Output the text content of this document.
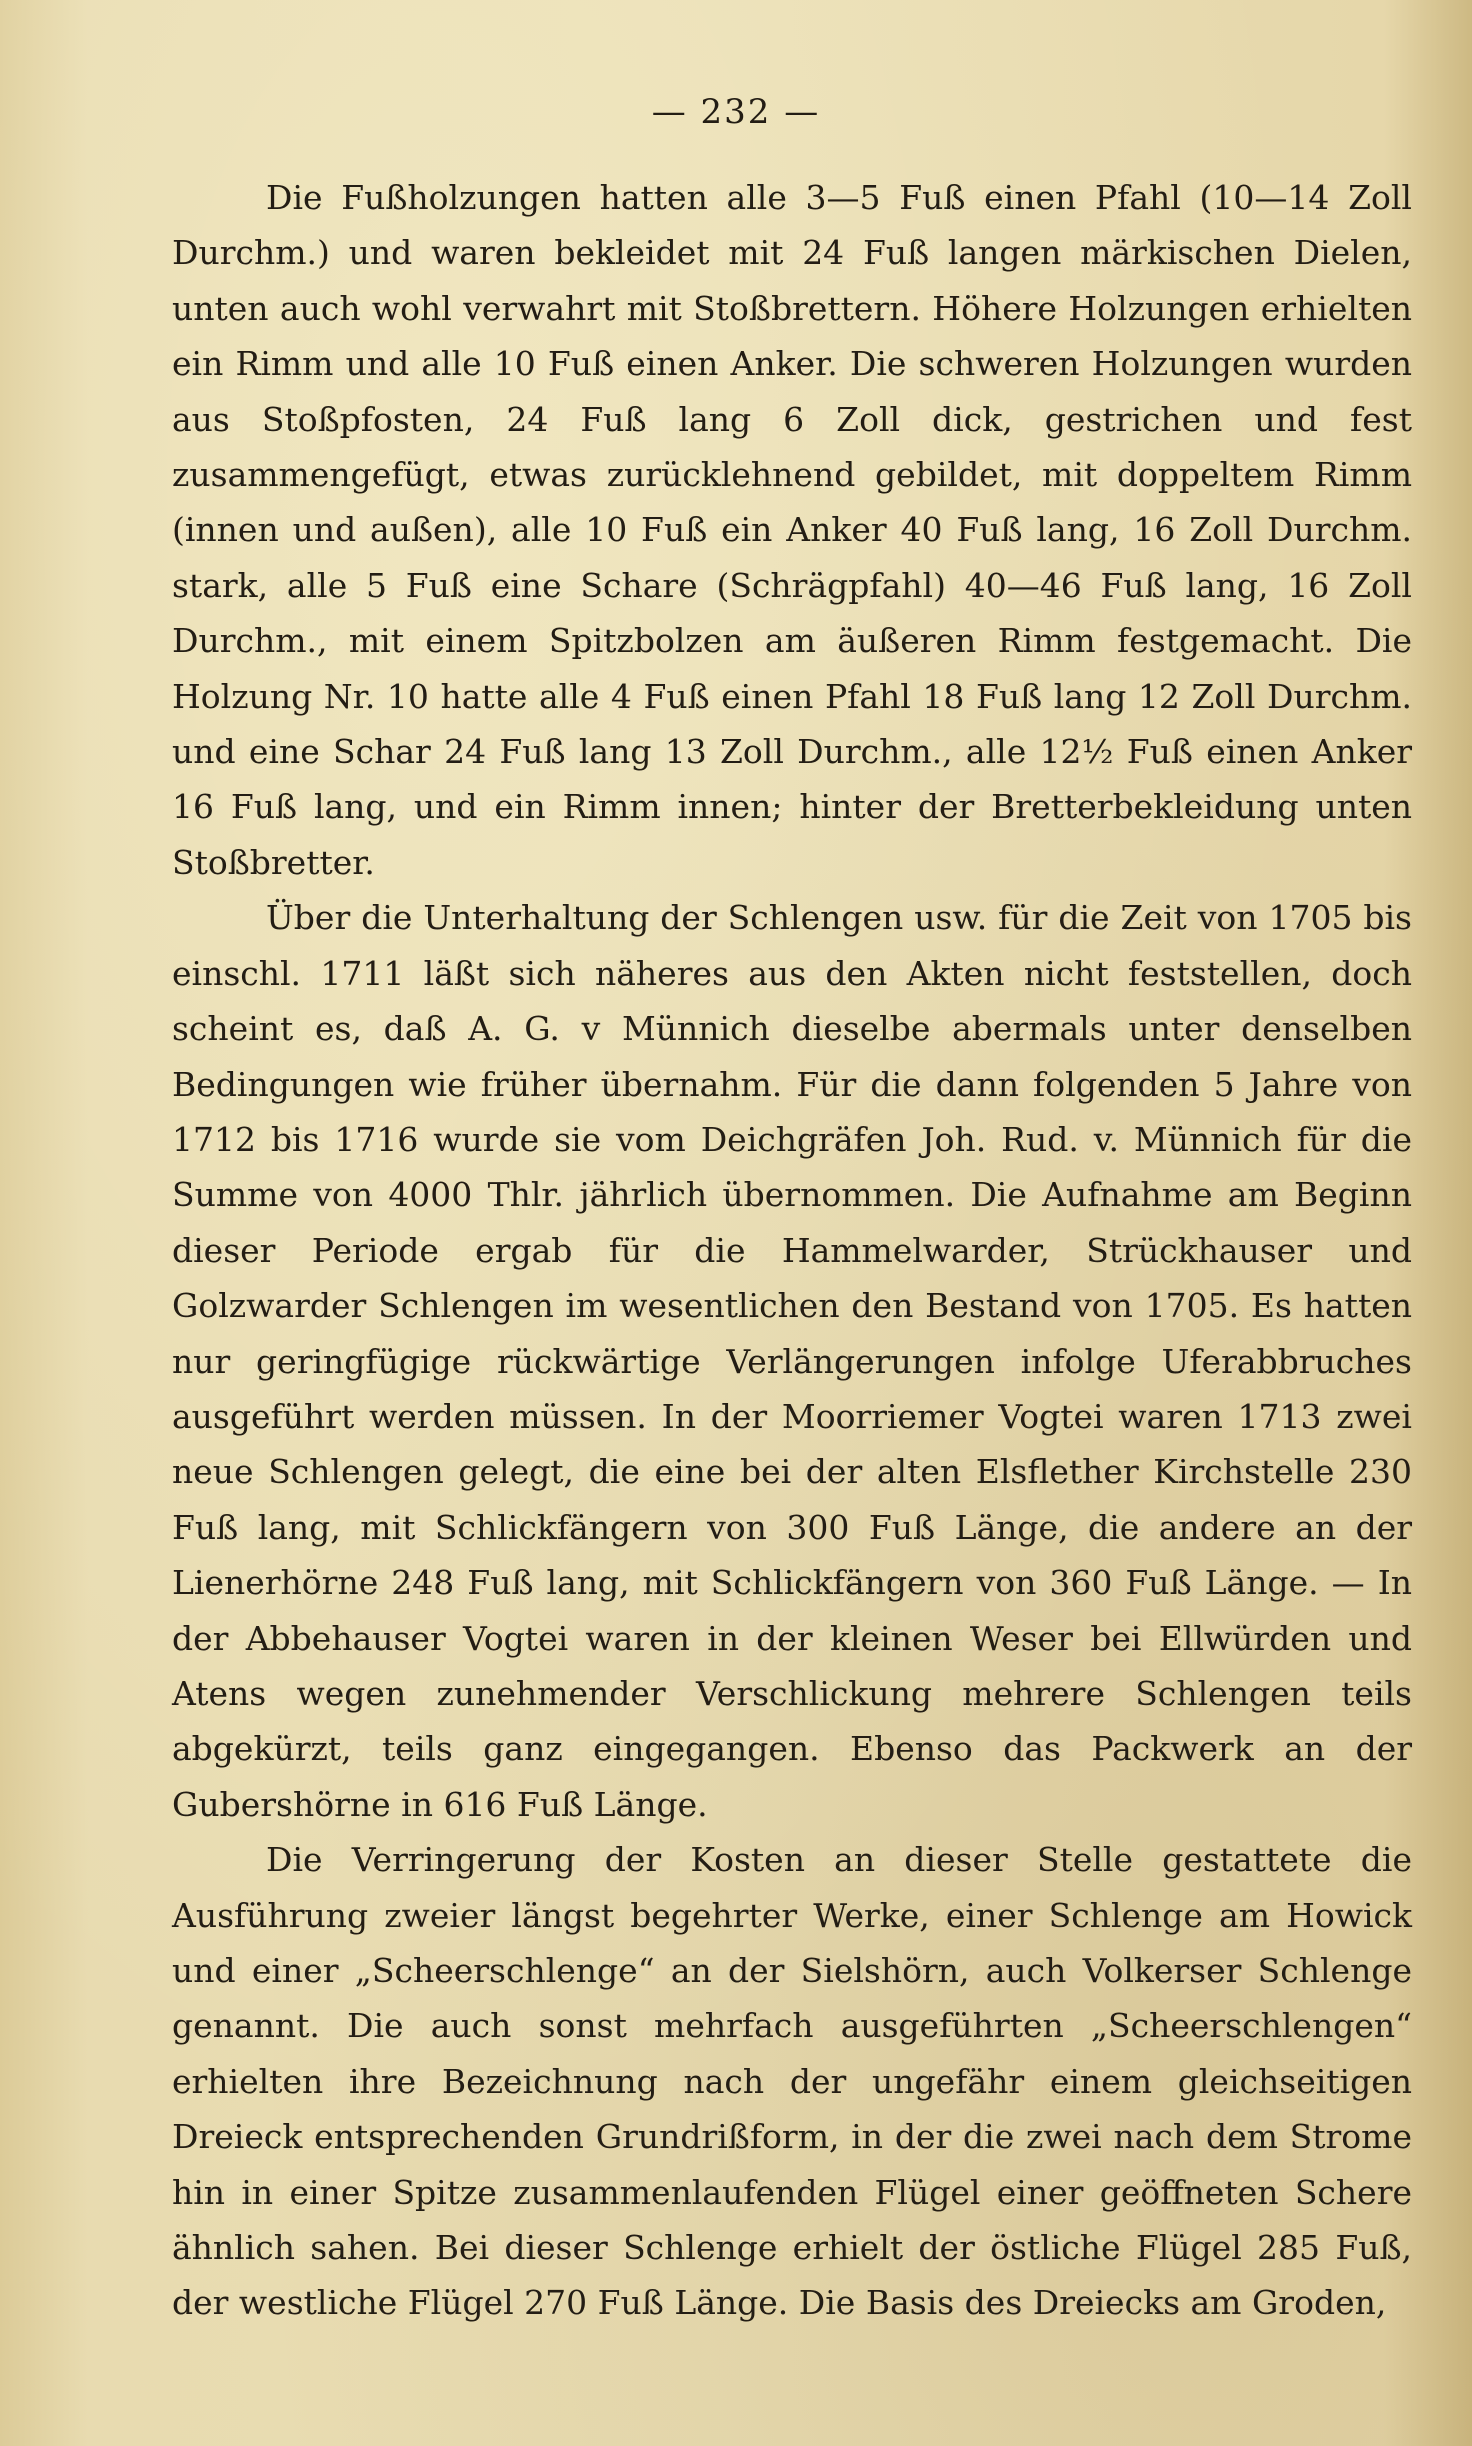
— 232 —

Die Fußholzungen hatten alle 3—5 Fuß einen Pfahl (10—14 Zoll Durchm.) und waren bekleidet mit 24 Fuß langen märkischen Dielen, unten auch wohl verwahrt mit Stoßbrettern. Höhere Holzungen erhielten ein Rimm und alle 10 Fuß einen Anker. Die schweren Holzungen wurden aus Stoßpfosten, 24 Fuß lang 6 Zoll dick, gestrichen und fest zusammengefügt, etwas zurücklehnend gebildet, mit doppeltem Rimm (innen und außen), alle 10 Fuß ein Anker 40 Fuß lang, 16 Zoll Durchm. stark, alle 5 Fuß eine Schare (Schrägpfahl) 40—46 Fuß lang, 16 Zoll Durchm., mit einem Spitzbolzen am äußeren Rimm festgemacht. Die Holzung Nr. 10 hatte alle 4 Fuß einen Pfahl 18 Fuß lang 12 Zoll Durchm. und eine Schar 24 Fuß lang 13 Zoll Durchm., alle 12½ Fuß einen Anker 16 Fuß lang, und ein Rimm innen; hinter der Bretterbekleidung unten Stoßbretter.

Über die Unterhaltung der Schlengen usw. für die Zeit von 1705 bis einschl. 1711 läßt sich näheres aus den Akten nicht feststellen, doch scheint es, daß A. G. v Münnich dieselbe abermals unter denselben Bedingungen wie früher übernahm. Für die dann folgenden 5 Jahre von 1712 bis 1716 wurde sie vom Deichgräfen Joh. Rud. v. Münnich für die Summe von 4000 Thlr. jährlich übernommen. Die Aufnahme am Beginn dieser Periode ergab für die Hammelwarder, Strückhauser und Golzwarder Schlengen im wesentlichen den Bestand von 1705. Es hatten nur geringfügige rückwärtige Verlängerungen infolge Uferabbruches ausgeführt werden müssen. In der Moorriemer Vogtei waren 1713 zwei neue Schlengen gelegt, die eine bei der alten Elsflether Kirchstelle 230 Fuß lang, mit Schlickfängern von 300 Fuß Länge, die andere an der Lienerhörne 248 Fuß lang, mit Schlickfängern von 360 Fuß Länge. — In der Abbehauser Vogtei waren in der kleinen Weser bei Ellwürden und Atens wegen zunehmender Verschlickung mehrere Schlengen teils abgekürzt, teils ganz eingegangen. Ebenso das Packwerk an der Gubershörne in 616 Fuß Länge.

Die Verringerung der Kosten an dieser Stelle gestattete die Ausführung zweier längst begehrter Werke, einer Schlenge am Howick und einer „Scheerschlenge“ an der Sielshörn, auch Volkerser Schlenge genannt. Die auch sonst mehrfach ausgeführten „Scheerschlengen“ erhielten ihre Bezeichnung nach der ungefähr einem gleichseitigen Dreieck entsprechenden Grundrißform, in der die zwei nach dem Strome hin in einer Spitze zusammenlaufenden Flügel einer geöffneten Schere ähnlich sahen. Bei dieser Schlenge erhielt der östliche Flügel 285 Fuß, der westliche Flügel 270 Fuß Länge. Die Basis des Dreiecks am Groden,
